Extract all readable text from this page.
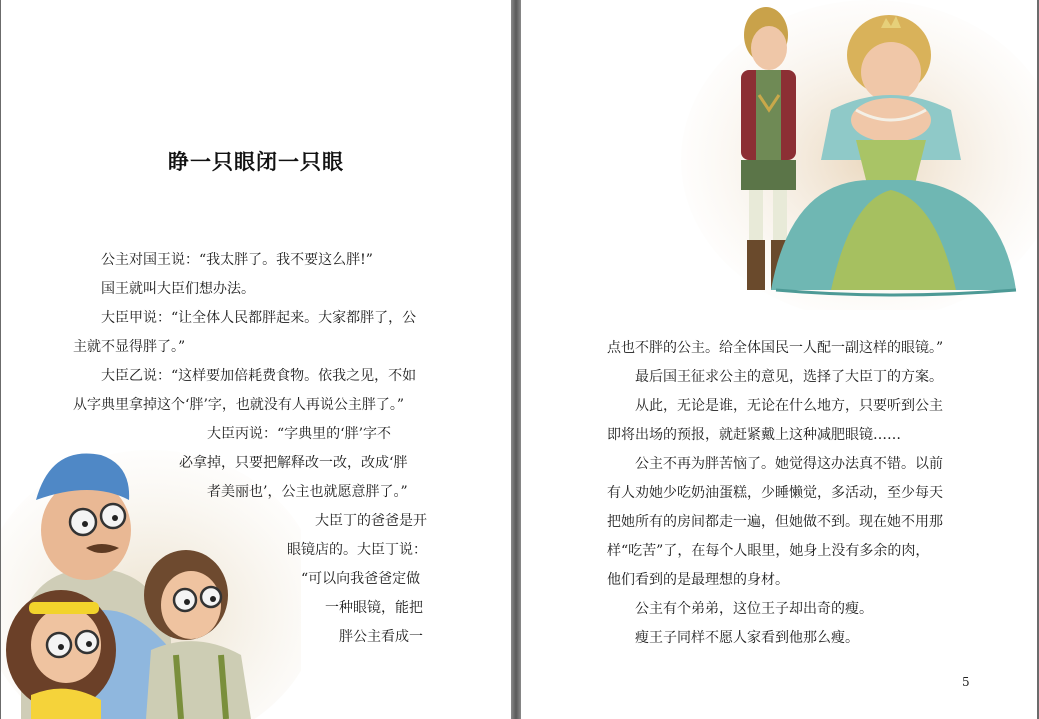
睁一只眼闭一只眼
公主对国王说：“我太胖了。我不要这么胖!”
国王就叫大臣们想办法。
大臣甲说：“让全体人民都胖起来。大家都胖了，公
主就不显得胖了。”
大臣乙说：“这样要加倍耗费食物。依我之见，不如
从字典里拿掉这个‘胖’字，也就没有人再说公主胖了。”
大臣丙说：“字典里的‘胖’字不
必拿掉，只要把解释改一改，改成‘胖
者美丽也’，公主也就愿意胖了。”
大臣丁的爸爸是开
眼镜店的。大臣丁说：
“可以向我爸爸定做
一种眼镜，能把
胖公主看成一
点也不胖的公主。给全体国民一人配一副这样的眼镜。”
最后国王征求公主的意见，选择了大臣丁的方案。
从此，无论是谁，无论在什么地方，只要听到公主
即将出场的预报，就赶紧戴上这种减肥眼镜……
公主不再为胖苦恼了。她觉得这办法真不错。以前
有人劝她少吃奶油蛋糕，少睡懒觉，多活动，至少每天
把她所有的房间都走一遍，但她做不到。现在她不用那
样“吃苦”了，在每个人眼里，她身上没有多余的肉，
他们看到的是最理想的身材。
公主有个弟弟，这位王子却出奇的瘦。
瘦王子同样不愿人家看到他那么瘦。
5
